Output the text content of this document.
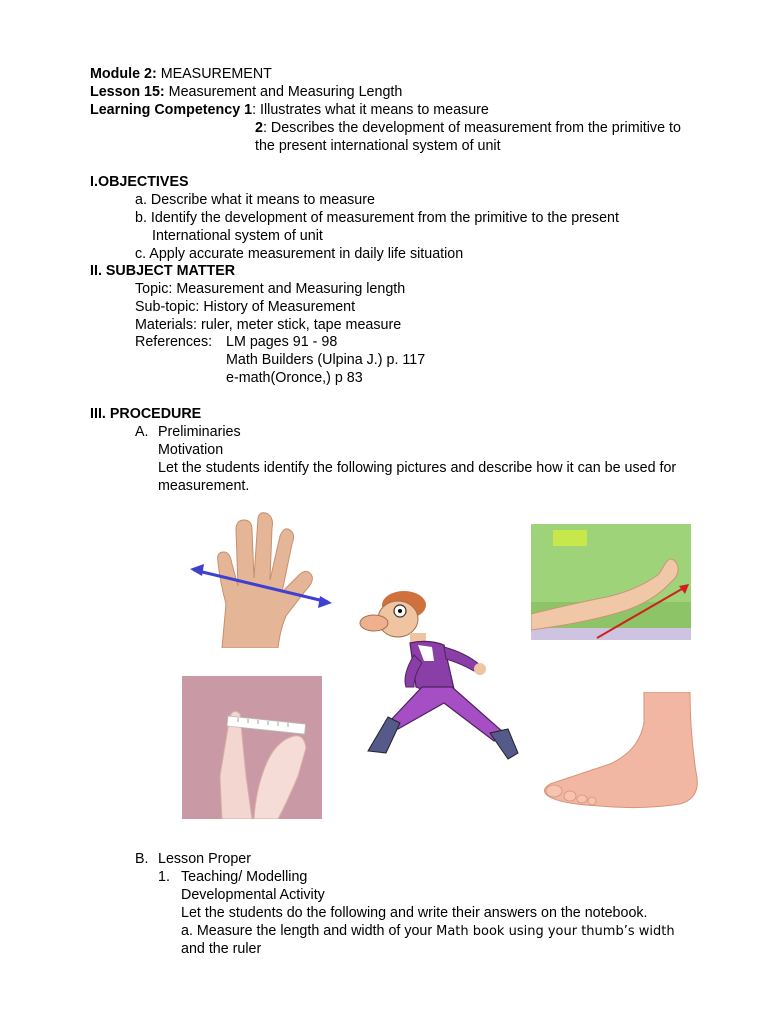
Module 2: MEASUREMENT
Lesson 15: Measurement and Measuring Length
Learning Competency 1: Illustrates what it means to measure
2: Describes the development of measurement from the primitive to
the present international system of unit
I.OBJECTIVES
a. Describe what it means to measure
b. Identify the development of measurement from the primitive to the present
International system of unit
c. Apply accurate measurement in daily life situation
II. SUBJECT MATTER
Topic: Measurement and Measuring length
Sub-topic: History of Measurement
Materials: ruler, meter stick, tape measure
References: LM pages 91 - 98
Math Builders (Ulpina J.) p. 117
e-math(Oronce,) p 83
III. PROCEDURE
A. Preliminaries
Motivation
Let the students identify the following pictures and describe how it can be used for
measurement.
B. Lesson Proper
1. Teaching/ Modelling
Developmental Activity
Let the students do the following and write their answers on the notebook.
a. Measure the length and width of your Math book using your thumb’s width
and the ruler
